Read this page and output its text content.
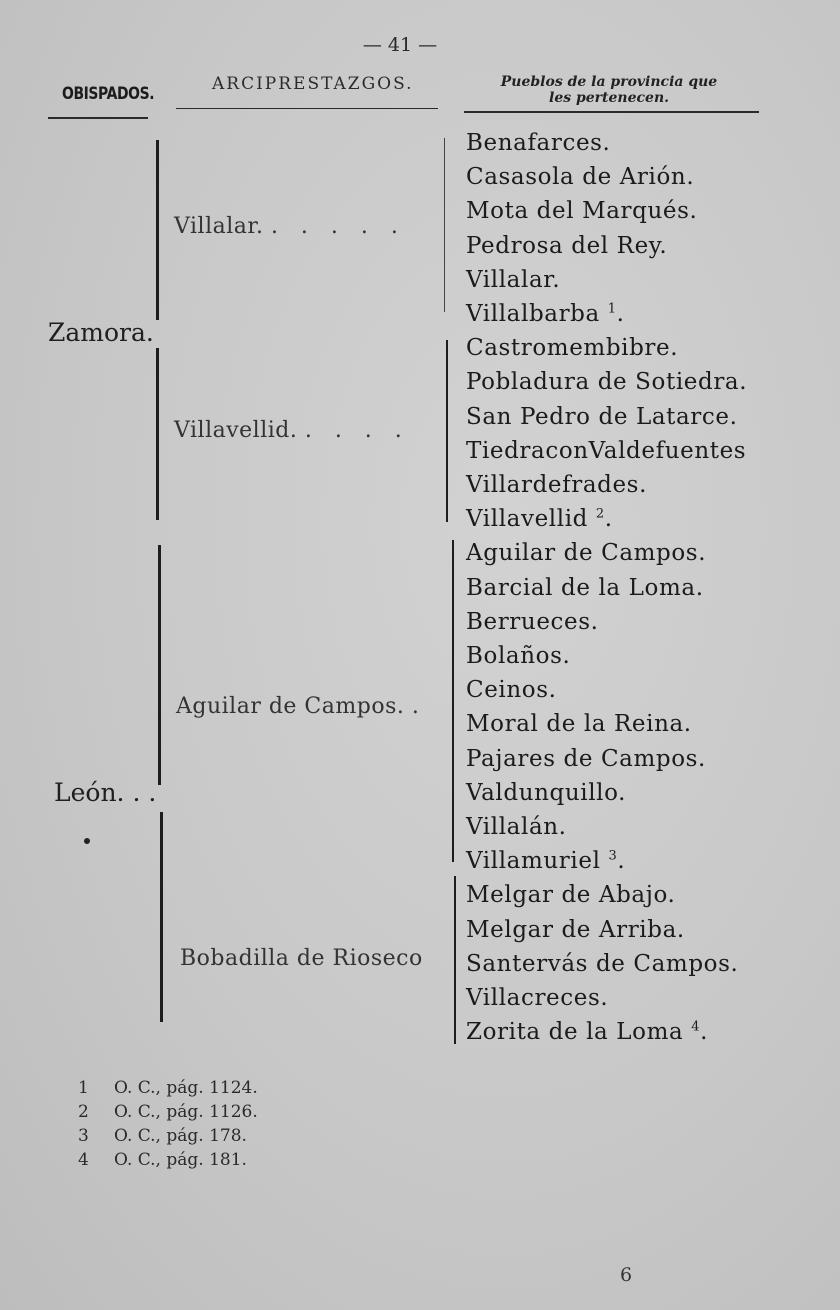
— 41 —
OBISPADOS.	ARCIPRESTAZGOS.	Pueblos de la provincia que
les pertenecen.
Zamora.
León. . .
Villalar. .   .   .   .   .
Villavellid. .   .   .   .
Aguilar de Campos. .
Bobadilla de Rioseco
Benafarces.
Casasola de Arión.
Mota del Marqués.
Pedrosa del Rey.
Villalar.
Villalbarba $^1$.
Castromembibre.
Pobladura de Sotiedra.
San Pedro de Latarce.
TiedraconValdefuentes
Villardefrades.
Villavellid $^2$.
Aguilar de Campos.
Barcial de la Loma.
Berrueces.
Bolaños.
Ceinos.
Moral de la Reina.
Pajares de Campos.
Valdunquillo.
Villalán.
Villamuriel $^3$.
Melgar de Abajo.
Melgar de Arriba.
Santervás de Campos.
Villacreces.
Zorita de la Loma $^4$.
1 O. C., pág. 1124.
2 O. C., pág. 1126.
3 O. C., pág. 178.
4 O. C., pág. 181.
6
